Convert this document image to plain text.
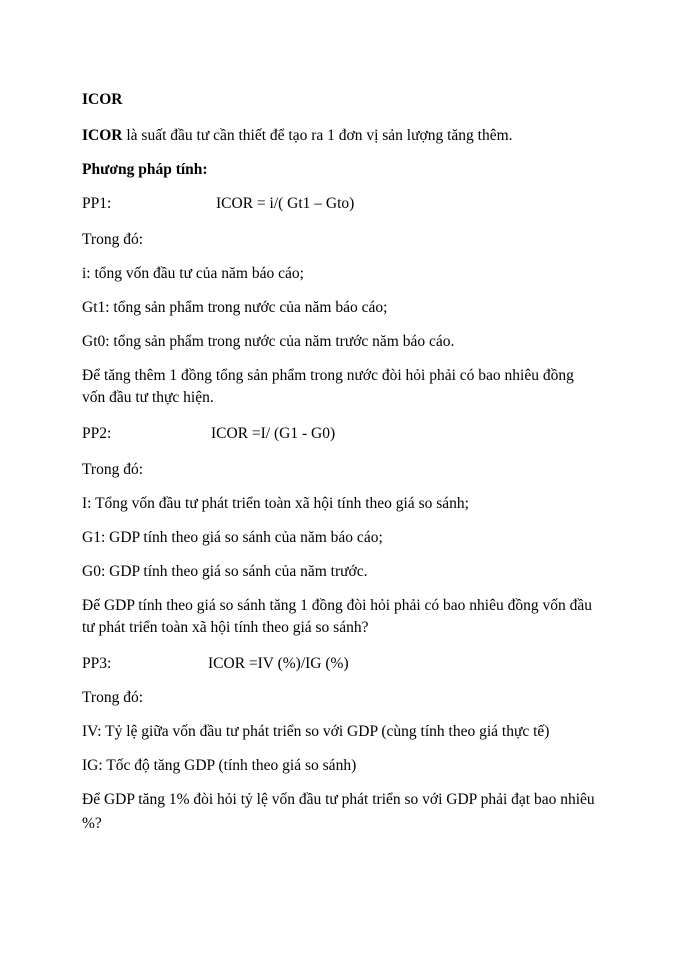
ICOR
ICOR là suất đầu tư cần thiết để tạo ra 1 đơn vị sản lượng tăng thêm.
Phương pháp tính:
PP1:	ICOR = i/( Gt1 – Gto)
Trong đó:
i: tổng vốn đầu tư của năm báo cáo;
Gt1: tổng sản phẩm trong nước của năm báo cáo;
Gt0: tổng sản phẩm trong nước của năm trước năm báo cáo.
Để tăng thêm 1 đồng tổng sản phẩm trong nước đòi hỏi phải có bao nhiêu đồng
vốn đầu tư thực hiện.
PP2:	ICOR =I/ (G1 - G0)
Trong đó:
I: Tổng vốn đầu tư phát triển toàn xã hội tính theo giá so sánh;
G1: GDP tính theo giá so sánh của năm báo cáo;
G0: GDP tính theo giá so sánh của năm trước.
Để GDP tính theo giá so sánh tăng 1 đồng đòi hỏi phải có bao nhiêu đồng vốn đầu
tư phát triển toàn xã hội tính theo giá so sánh?
PP3:	ICOR =IV (%)/IG (%)
Trong đó:
IV: Tỷ lệ giữa vốn đầu tư phát triển so với GDP (cùng tính theo giá thực tế)
IG: Tốc độ tăng GDP (tính theo giá so sánh)
Để GDP tăng 1% đòi hỏi tỷ lệ vốn đầu tư phát triển so với GDP phải đạt bao nhiêu
%?
